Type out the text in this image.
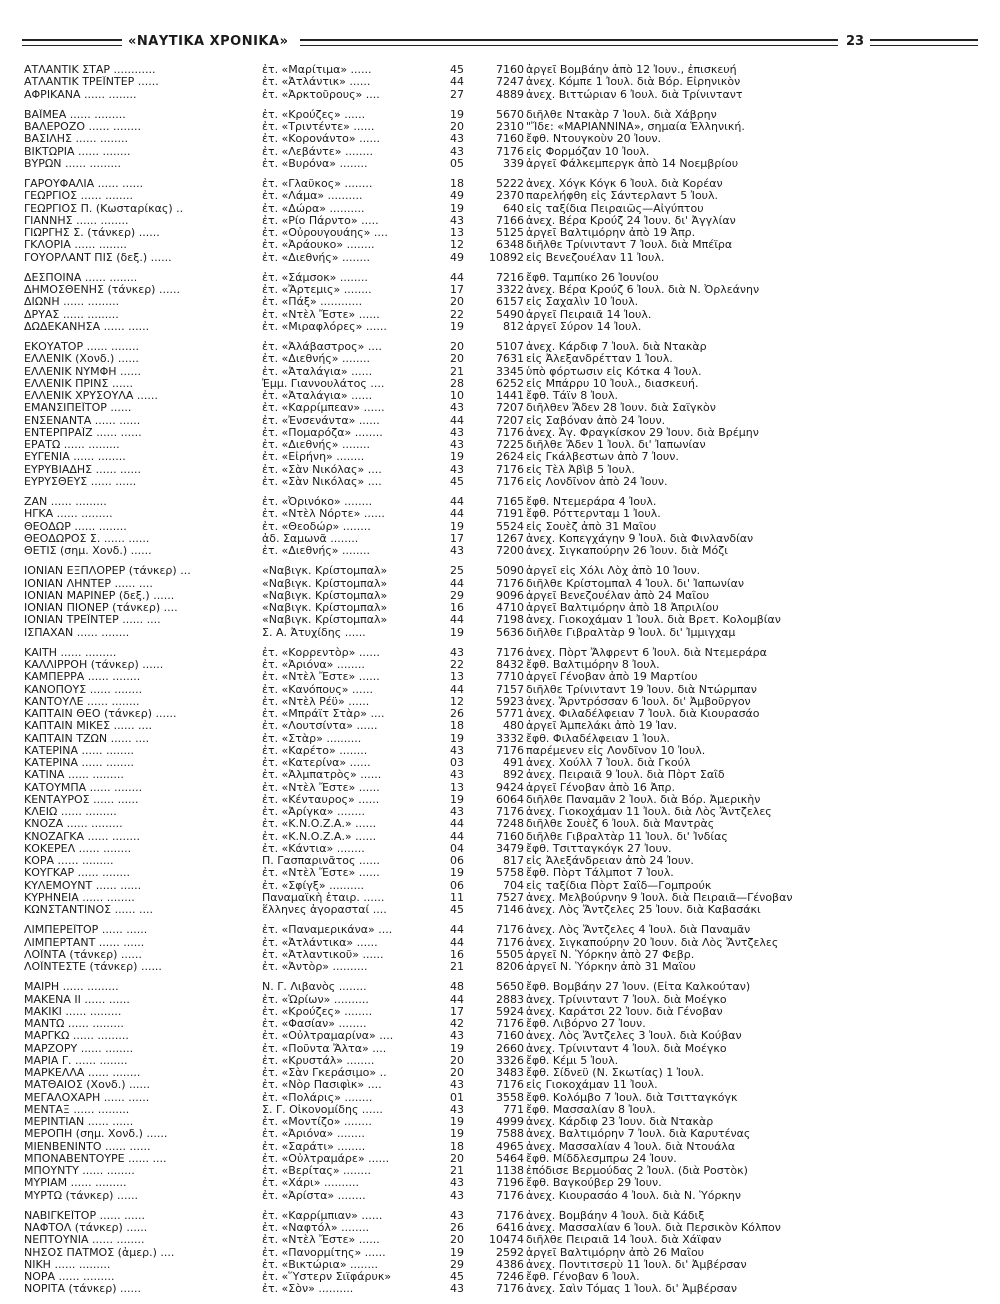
«ΝΑΥΤΙΚΑ ΧΡΟΝΙΚΑ»	23
ΑΤΛΑΝΤΙΚ ΣΤΑΡ ............	ἐτ. «Μαρίτιμα» ......	45	7160 ἀργεῖ Βομβάην ἀπὸ 12 Ἰουν., ἐπισκευή
ΑΤΛΑΝΤΙΚ ΤΡΕΪΝΤΕΡ ......	ἐτ. «Ἀτλάντικ» ......	44	7247 ἀνεχ. Κόμπε 1 Ἰουλ. διὰ Βόρ. Εἰρηνικὸν
ΑΦΡΙΚΑΝΑ ...... ........	ἐτ. «Ἀρκτοῦρους» ....	27	4889 ἀνεχ. Βιττώριαν 6 Ἰουλ. διὰ Τρίνινταντ
ΒΑΪΜΕΑ ...... .........	ἐτ. «Κρούζες» ......	19	5670 διῆλθε Ντακὰρ 7 Ἰουλ. διὰ Χάβρην
ΒΑΛΕΡΟΖΟ ...... ........	ἐτ. «Τριντέντε» ......	20	2310 "Ἴδε: «ΜΑΡΙΑΝΝΙΝΑ», σημαία Ἑλληνική.
ΒΑΣΙΛΗΣ ...... ........	ἐτ. «Κορονάντο» ......	43	7160 ἔφθ. Ντουγκοὺν 20 Ἰουν.
ΒΙΚΤΩΡΙΑ ...... ........	ἐτ. «Λεβάντε» ........	43	7176 εἰς Φορμόζαν 10 Ἰουλ.
ΒΥΡΩΝ ...... .........	ἐτ. «Βυρόνα» ........	05	339 ἀργεῖ Φάλκεμπεργκ ἀπὸ 14 Νοεμβρίου
ΓΑΡΟΥΦΑΛΙΑ ...... ......	ἐτ. «Γλαῦκος» ........	18	5222 ἀνεχ. Χόγκ Κόγκ 6 Ἰουλ. διὰ Κορέαν
ΓΕΩΡΓΙΟΣ ...... ........	ἐτ. «Λάμα» ..........	49	2370 παρελήφθη εἰς Σάντερλαντ 5 Ἰουλ.
ΓΕΩΡΓΙΟΣ Π. (Κωσταρίκας) ..	ἐτ. «Δώρα» ..........	19	640 εἰς ταξίδια Πειραιῶς—Αἰγύπτου
ΓΙΑΝΝΗΣ ...... ........	ἐτ. «Ρίο Πάρντο» .....	43	7166 ἀνεχ. Βέρα Κρούζ 24 Ἰουν. δι' Ἀγγλίαν
ΓΙΩΡΓΗΣ Σ. (τάνκερ) ......	ἐτ. «Οὐρουγουάης» ....	13	5125 ἀργεῖ Βαλτιμόρην ἀπὸ 19 Ἀπρ.
ΓΚΛΟΡΙΑ ...... ........	ἐτ. «Ἀράουκο» ........	12	6348 διῆλθε Τρίνινταντ 7 Ἰουλ. διὰ Μπέϊρα
ΓΟΥΟΡΛΑΝΤ ΠΙΣ (δεξ.) ......	ἐτ. «Διεθνής» ........	49	10892 εἰς Βενεζουέλαν 11 Ἰουλ.
ΔΕΣΠΟΙΝΑ ...... ........	ἐτ. «Σάμσοκ» ........	44	7216 ἔφθ. Ταμπίκο 26 Ἰουνίου
ΔΗΜΟΣΘΕΝΗΣ (τάνκερ) ......	ἐτ. «Ἄρτεμις» ........	17	3322 ἀνεχ. Βέρα Κρούζ 6 Ἰουλ. διὰ Ν. Ὀρλεάνην
ΔΙΩΝΗ ...... .........	ἐτ. «Πάξ» ............	20	6157 εἰς Σαχαλὶν 10 Ἰουλ.
ΔΡΥΑΣ ...... .........	ἐτ. «Ντὲλ Ἔστε» ......	22	5490 ἀργεῖ Πειραιᾶ 14 Ἰουλ.
ΔΩΔΕΚΑΝΗΣΑ ...... ......	ἐτ. «Μιραφλόρες» ......	19	812 ἀργεῖ Σύρον 14 Ἰουλ.
ΕΚΟΥΑΤΟΡ ...... ........	ἐτ. «Ἀλάβαστρος» ....	20	5107 ἀνεχ. Κάρδιφ 7 Ἰουλ. διὰ Ντακὰρ
ΕΛΛΕΝΙΚ (Χονδ.) ......	ἐτ. «Διεθνής» ........	20	7631 εἰς Ἀλεξανδρέτταν 1 Ἰουλ.
ΕΛΛΕΝΙΚ ΝΥΜΦΗ ......	ἐτ. «Ἀταλάγια» ......	21	3345 ὑπὸ φόρτωσιν εἰς Κότκα 4 Ἰουλ.
ΕΛΛΕΝΙΚ ΠΡΙΝΣ ......	Ἐμμ. Γιαννουλάτος ....	28	6252 εἰς Μπάρρυ 10 Ἰουλ., διασκευή.
ΕΛΛΕΝΙΚ ΧΡΥΣΟΥΛΑ ......	ἐτ. «Ἀταλάγια» ......	10	1441 ἔφθ. Τάϊν 8 Ἰουλ.
ΕΜΑΝΣΙΠΕΪΤΟΡ ......	ἐτ. «Καρρίμπεαν» ......	43	7207 διῆλθεν Ἄδεν 28 Ἰουν. διὰ Σαϊγκὸν
ΕΝΣΕΝΑΝΤΑ ...... ......	ἐτ. «Ἐνσενάντα» ......	44	7207 εἰς Σαβόναν ἀπὸ 24 Ἰουν.
ΕΝΤΕΡΠΡΑΪΖ ...... ......	ἐτ. «Πομαρόζα» ........	43	7176 ἀνεχ. Ἁγ. Φραγκίσκον 29 Ἰουν. διὰ Βρέμην
ΕΡΑΤΩ ...... .........	ἐτ. «Διεθνής» ........	43	7225 διῆλθε Ἄδεν 1 Ἰουλ. δι' Ἰαπωνίαν
ΕΥΓΕΝΙΑ ...... ........	ἐτ. «Εἰρήνη» ........	19	2624 εἰς Γκάλβεστων ἀπὸ 7 Ἰουν.
ΕΥΡΥΒΙΑΔΗΣ ...... ......	ἐτ. «Σὰν Νικόλας» ....	43	7176 εἰς Τὲλ Ἀβὶβ 5 Ἰουλ.
ΕΥΡΥΣΘΕΥΣ ...... ......	ἐτ. «Σὰν Νικόλας» ....	45	7176 εἰς Λονδῖνον ἀπὸ 24 Ἰουν.
ΖΑΝ ...... .........	ἐτ. «Ὀρινόκο» ........	44	7165 ἔφθ. Ντεμεράρα 4 Ἰουλ.
ΗΓΚΑ ...... .........	ἐτ. «Ντὲλ Νόρτε» ......	44	7191 ἔφθ. Ρόττερνταμ 1 Ἰουλ.
ΘΕΟΔΩΡ ...... ........	ἐτ. «Θεοδώρ» ........	19	5524 εἰς Σουὲζ ἀπὸ 31 Μαΐου
ΘΕΟΔΩΡΟΣ Σ. ...... ......	ἀδ. Σαμωνᾶ ........	17	1267 ἀνεχ. Κοπεγχάγην 9 Ἰουλ. διὰ Φινλανδίαν
ΘΕΤΙΣ (σημ. Χονδ.) ......	ἐτ. «Διεθνής» ........	43	7200 ἀνεχ. Σιγκαπούρην 26 Ἰουν. διὰ Μόζι
ΙΟΝΙΑΝ ΕΞΠΛΟΡΕΡ (τάνκερ) ...	«Ναβιγκ. Κρίστομπαλ»	25	5090 ἀργεῖ εἰς Χόλι Λὸχ ἀπὸ 10 Ἰουν.
ΙΟΝΙΑΝ ΛΗΝΤΕΡ ...... ....	«Ναβιγκ. Κρίστομπαλ»	44	7176 διῆλθε Κρίστομπαλ 4 Ἰουλ. δι' Ἰαπωνίαν
ΙΟΝΙΑΝ ΜΑΡΙΝΕΡ (δεξ.) ......	«Ναβιγκ. Κρίστομπαλ»	29	9096 ἀργεῖ Βενεζουέλαν ἀπὸ 24 Μαΐου
ΙΟΝΙΑΝ ΠΙΟΝΕΡ (τάνκερ) ....	«Ναβιγκ. Κρίστομπαλ»	16	4710 ἀργεῖ Βαλτιμόρην ἀπὸ 18 Ἀπριλίου
ΙΟΝΙΑΝ ΤΡΕΪΝΤΕΡ ...... ....	«Ναβιγκ. Κρίστομπαλ»	44	7198 ἀνεχ. Γιοκοχάμαν 1 Ἰουλ. διὰ Βρετ. Κολομβίαν
ΙΣΠΑΧΑΝ ...... ........	Σ. Α. Ἀτυχίδης ......	19	5636 διῆλθε Γιβραλτὰρ 9 Ἰουλ. δι' Ἰμμιγχαμ
ΚΑΙΤΗ ...... .........	ἐτ. «Κορρεντὸρ» ......	43	7176 ἀνεχ. Πὸρτ Ἄλφρεντ 6 Ἰουλ. διὰ Ντεμεράρα
ΚΑΛΛΙΡΡΟΗ (τάνκερ) ......	ἐτ. «Ἀριόνα» ........	22	8432 ἔφθ. Βαλτιμόρην 8 Ἰουλ.
ΚΑΜΠΕΡΡΑ ...... ........	ἐτ. «Ντὲλ Ἔστε» ......	13	7710 ἀργεῖ Γένοβαν ἀπὸ 19 Μαρτίου
ΚΑΝΟΠΟΥΣ ...... ........	ἐτ. «Κανόπους» ......	44	7157 διῆλθε Τρίνινταντ 19 Ἰουν. διὰ Ντώρμπαν
ΚΑΝΤΟΥΛΕ ...... ........	ἐτ. «Ντὲλ Ρέϋ» ......	12	5923 ἀνεχ. Ἄρντρόσσαν 6 Ἰουλ. δι' Ἀμβοῦργον
ΚΑΠΤΑΙΝ ΘΕΟ (τάνκερ) ......	ἐτ. «Μπράϊτ Στὰρ» ....	26	5771 ἀνεχ. Φιλαδέλφειαν 7 Ἰουλ. διὰ Κιουρασάο
ΚΑΠΤΑΙΝ ΜΙΚΕΣ ...... ....	ἐτ. «Λουτσίντα» ......	18	480 ἀργεῖ Ἀμπελάκι ἀπὸ 19 Ἰαν.
ΚΑΠΤΑΙΝ ΤΖΩΝ ...... ....	ἐτ. «Στὰρ» ..........	19	3332 ἔφθ. Φιλαδέλφειαν 1 Ἰουλ.
ΚΑΤΕΡΙΝΑ ...... ........	ἐτ. «Καρέτο» ........	43	7176 παρέμενεν εἰς Λονδῖνον 10 Ἰουλ.
ΚΑΤΕΡΙΝΑ ...... ........	ἐτ. «Κατερίνα» ......	03	491 ἀνεχ. Χούλλ 7 Ἰουλ. διὰ Γκούλ
ΚΑΤΙΝΑ ...... .........	ἐτ. «Ἀλμπατρὸς» ......	43	892 ἀνεχ. Πειραιᾶ 9 Ἰουλ. διὰ Πὸρτ Σαΐδ
ΚΑΤΟΥΜΠΑ ...... ........	ἐτ. «Ντὲλ Ἔστε» ......	13	9424 ἀργεῖ Γένοβαν ἀπὸ 16 Ἀπρ.
ΚΕΝΤΑΥΡΟΣ ...... ......	ἐτ. «Κένταυρος» ......	19	6064 διῆλθε Παναμᾶν 2 Ἰουλ. διὰ Βόρ. Ἀμερικὴν
ΚΛΕΙΩ ...... .........	ἐτ. «Ἀρίγκα» ........	43	7176 ἀνεχ. Γιοκοχάμαν 11 Ἰουλ. διὰ Λὸς Ἄντζελες
ΚΝΟΖΑ ...... .........	ἐτ. «Κ.Ν.Ο.Ζ.Α.» ......	44	7248 διῆλθε Σουὲζ 6 Ἰουλ. διὰ Μαντρὰς
ΚΝΟΖΑΓΚΑ ...... ........	ἐτ. «Κ.Ν.Ο.Ζ.Α.» ......	44	7160 διῆλθε Γιβραλτὰρ 11 Ἰουλ. δι' Ἰνδίας
ΚΟΚΕΡΕΛ ...... ........	ἐτ. «Κάντια» ........	04	3479 ἔφθ. Τσιτταγκόγκ 27 Ἰουν.
ΚΟΡΑ ...... .........	Π. Γασπαρινᾶτος ......	06	817 εἰς Ἀλεξάνδρειαν ἀπὸ 24 Ἰουν.
ΚΟΥΓΚΑΡ ...... ........	ἐτ. «Ντὲλ Ἔστε» ......	19	5758 ἔφθ. Πὸρτ Τάλμποτ 7 Ἰουλ.
ΚΥΛΕΜΟΥΝΤ ...... ......	ἐτ. «Σφίγξ» ..........	06	704 εἰς ταξίδια Πὸρτ Σαΐδ—Γομπρούκ
ΚΥΡΗΝΕΙΑ ...... ........	Παναμαϊκὴ ἑταιρ. ......	11	7527 ἀνεχ. Μελβούρνην 9 Ἰουλ. διὰ Πειραιᾶ—Γένοβαν
ΚΩΝΣΤΑΝΤΙΝΟΣ ...... ....	ἕλληνες ἀγορασταί ....	45	7146 ἀνεχ. Λὸς Ἄντζελες 25 Ἰουν. διὰ Καβασάκι
ΛΙΜΠΕΡΕΪΤΟΡ ...... ......	ἐτ. «Παναμερικάνα» ....	44	7176 ἀνεχ. Λὸς Ἄντζελες 4 Ἰουλ. διὰ Παναμᾶν
ΛΙΜΠΕΡΤΑΝΤ ...... ......	ἐτ. «Ἀτλάντικα» ......	44	7176 ἀνεχ. Σιγκαπούρην 20 Ἰουν. διὰ Λὸς Ἄντζελες
ΛΟΪΝΤΑ (τάνκερ) ......	ἐτ. «Ἀτλαντικοῦ» ......	16	5505 ἀργεῖ Ν. Ὑόρκην ἀπὸ 27 Φεβρ.
ΛΟΪΝΤΕΣΤΕ (τάνκερ) ......	ἐτ. «Ἀντὸρ» ..........	21	8206 ἀργεῖ Ν. Ὑόρκην ἀπὸ 31 Μαΐου
ΜΑΙΡΗ ...... .........	Ν. Γ. Λιβανὸς ........	48	5650 ἔφθ. Βομβάην 27 Ἰουν. (Εἶτα Καλκούταν)
ΜΑΚΕΝΑ ΙΙ ...... ......	ἐτ. «Ὡρίων» ..........	44	2883 ἀνεχ. Τρίνινταντ 7 Ἰουλ. διὰ Μοέγκο
ΜΑΚΙΚΙ ...... .........	ἐτ. «Κρούζες» ........	17	5924 ἀνεχ. Καράτσι 22 Ἰουν. διὰ Γένοβαν
ΜΑΝΤΩ ...... .........	ἐτ. «Φασίαν» ........	42	7176 ἔφθ. Λιβόρνο 27 Ἰουν.
ΜΑΡΓΚΩ ...... .........	ἐτ. «Οὐλτραμαρίνα» ....	43	7160 ἀνεχ. Λὸς Ἄντζελες 3 Ἰουλ. διὰ Κούβαν
ΜΑΡΖΟΡΥ ...... ........	ἐτ. «Ποῦντα Ἄλτα» ....	19	2660 ἀνεχ. Τρίνινταντ 4 Ἰουλ. διὰ Μοέγκο
ΜΑΡΙΑ Γ. ...... ........	ἐτ. «Κρυστάλ» ........	20	3326 ἔφθ. Κέμι 5 Ἰουλ.
ΜΑΡΚΕΛΛΑ ...... ........	ἐτ. «Σὰν Γκεράσιμο» ..	20	3483 ἔφθ. Σίδνεϋ (Ν. Σκωτίας) 1 Ἰουλ.
ΜΑΤΘΑΙΟΣ (Χονδ.) ......	ἐτ. «Νὸρ Πασιφὶκ» ....	43	7176 εἰς Γιοκοχάμαν 11 Ἰουλ.
ΜΕΓΑΛΟΧΑΡΗ ...... ......	ἐτ. «Πολάρις» ........	01	3558 ἔφθ. Κολόμβο 7 Ἰουλ. διὰ Τσιτταγκόγκ
ΜΕΝΤΑΞ ...... .........	Σ. Γ. Οἰκονομίδης ......	43	771 ἔφθ. Μασσαλίαν 8 Ἰουλ.
ΜΕΡΙΝΤΙΑΝ ...... ......	ἐτ. «Μοντίζο» ........	19	4999 ἀνεχ. Κάρδιφ 23 Ἰουν. διὰ Ντακὰρ
ΜΕΡΟΠΗ (σημ. Χονδ.) ......	ἐτ. «Ἀριόνα» ........	19	7588 ἀνεχ. Βαλτιμόρην 7 Ἰουλ. διὰ Καρυτένας
ΜΙΕΝΒΕΝΙΝΤΟ ...... ......	ἐτ. «Σαράτι» ........	18	4965 ἀνεχ. Μασσαλίαν 4 Ἰουλ. διὰ Ντουάλα
ΜΠΟΝΑΒΕΝΤΟΥΡΕ ...... ....	ἐτ. «Οὐλτραμάρε» ......	20	5464 ἔφθ. Μίδδλεσμπρω 24 Ἰουν.
ΜΠΟΥΝΤΥ ...... ........	ἐτ. «Βερίτας» ........	21	1138 ἐπόδισε Βερμούδας 2 Ἰουλ. (διὰ Ροστὸκ)
ΜΥΡΙΑΜ ...... .........	ἐτ. «Χάρι» ..........	43	7196 ἔφθ. Βαγκούβερ 29 Ἰουν.
ΜΥΡΤΩ (τάνκερ) ......	ἐτ. «Ἀρίστα» ........	43	7176 ἀνεχ. Κιουρασάο 4 Ἰουλ. διὰ Ν. Ὑόρκην
ΝΑΒΙΓΚΕΪΤΟΡ ...... ......	ἐτ. «Καρρίμπιαν» ......	43	7176 ἀνεχ. Βομβάην 4 Ἰουλ. διὰ Κάδιξ
ΝΑΦΤΟΛ (τάνκερ) ......	ἐτ. «Ναφτόλ» ........	26	6416 ἀνεχ. Μασσαλίαν 6 Ἰουλ. διὰ Περσικὸν Κόλπον
ΝΕΠΤΟΥΝΙΑ ...... ........	ἐτ. «Ντὲλ Ἔστε» ......	20	10474 διῆλθε Πειραιᾶ 14 Ἰουλ. διὰ Χάϊφαν
ΝΗΣΟΣ ΠΑΤΜΟΣ (ἀμερ.) ....	ἐτ. «Πανορμίτης» ......	19	2592 ἀργεῖ Βαλτιμόρην ἀπὸ 26 Μαΐου
ΝΙΚΗ ...... .........	ἐτ. «Βικτώρια» ........	29	4386 ἀνεχ. Ποντιτσερὺ 11 Ἰουλ. δι' Ἀμβέρσαν
ΝΟΡΑ ...... .........	ἐτ. «Ὕστερν Σιϊφάρυκ»	45	7246 ἔφθ. Γένοβαν 6 Ἰουλ.
ΝΟΡΙΤΑ (τάνκερ) ......	ἐτ. «Σὸν» ..........	43	7176 ἀνεχ. Σαὶν Τόμας 1 Ἰουλ. δι' Ἀμβέρσαν
